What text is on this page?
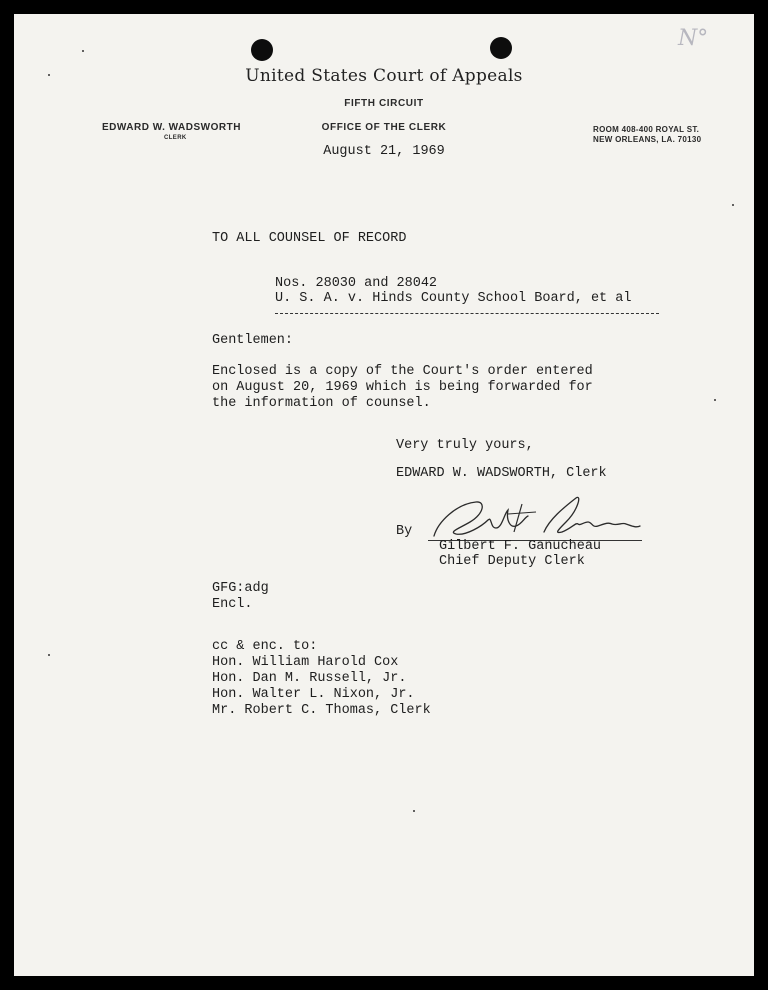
N°
United States Court of Appeals
FIFTH CIRCUIT
OFFICE OF THE CLERK
EDWARD W. WADSWORTH
CLERK
ROOM 408-400 ROYAL ST.
NEW ORLEANS, LA. 70130
August 21, 1969
TO ALL COUNSEL OF RECORD
Nos. 28030 and 28042
U. S. A. v. Hinds County School Board, et al
Gentlemen:
Enclosed is a copy of the Court's order entered
on August 20, 1969 which is being forwarded for
the information of counsel.
Very truly yours,
EDWARD W. WADSWORTH, Clerk
By
Gilbert F. Ganucheau
Chief Deputy Clerk
GFG:adg
Encl.
cc & enc. to:
Hon. William Harold Cox
Hon. Dan M. Russell, Jr.
Hon. Walter L. Nixon, Jr.
Mr. Robert C. Thomas, Clerk
